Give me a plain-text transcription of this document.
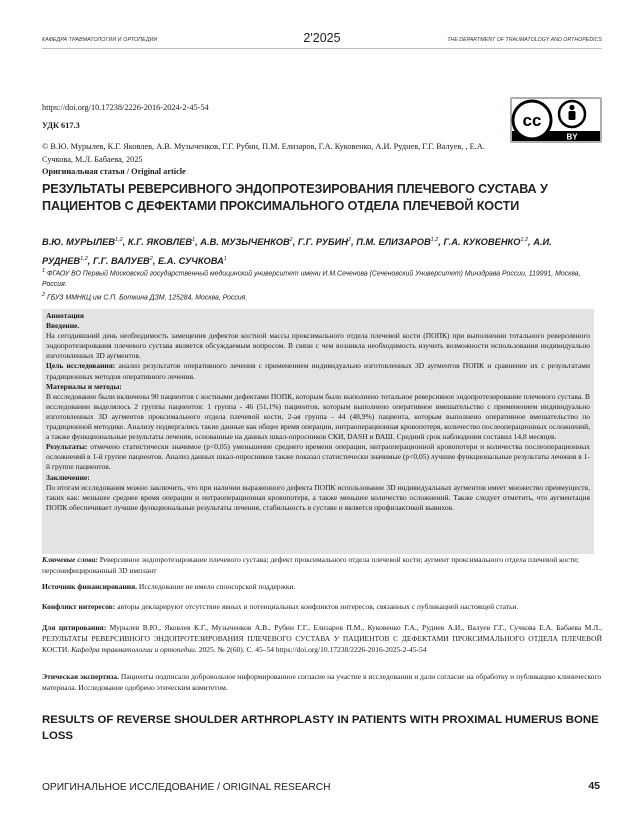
КАФЕДРА ТРАВМАТОЛОГИИ И ОРТОПЕДИИ	2'2025	THE DEPARTMENT OF TRAUMATOLOGY AND ORTHOPEDICS
https://doi.org/10.17238/2226-2016-2024-2-45-54
УДК 617.3	cc
BY
© В.Ю. Мурылев, К.Г. Яковлев, А.В. Музыченков, Г.Г. Рубин, П.М. Елизаров, Г.А. Куковенко, А.И. Руднев, Г.Г. Валуев, , Е.А. Сучкова, М.Л. Бабаева, 2025
Оригинальная статья / Original article
РЕЗУЛЬТАТЫ РЕВЕРСИВНОГО ЭНДОПРОТЕЗИРОВАНИЯ ПЛЕЧЕВОГО СУСТАВА У ПАЦИЕНТОВ С ДЕФЕКТАМИ ПРОКСИМАЛЬНОГО ОТДЕЛА ПЛЕЧЕВОЙ КОСТИ
В.Ю. МУРЫЛЕВ$^{1,2}$, К.Г. ЯКОВЛЕВ$^1$, А.В. МУЗЫЧЕНКОВ$^2$, Г.Г. РУБИН$^2$, П.М. ЕЛИЗАРОВ$^{1,2}$, Г.А. КУКОВЕНКО$^{1,2}$, А.И. РУДНЕВ$^{1,2}$, Г.Г. ВАЛУЕВ$^2$, Е.А. СУЧКОВА$^1$
$^1$ ФГАОУ ВО Первый Московский государственный медицинский университет имени И.М.Сеченова (Сеченовский Университет) Минздрава России, 119991, Москва, Россия.
$^2$ ГБУЗ ММНКЦ им С.П. Боткина ДЗМ, 125284, Москва, Россия.
Аннотация
Введение.
На сегодняшний день необходимость замещения дефектов костной массы проксимального отдела плечевой кости (ПОПК) при выполнении тотального реверсивного эндопротезирования плечевого сустава является обсуждаемым вопросом. В связи с чем возникла необходимость изучить возможности использования индивидуально изготовленных 3D аугментов.
Цель исследования: анализ результатов оперативного лечения с применением индивидуально изготовленных 3D аугментов ПОПК и сравнение их с результатами традиционных методов оперативного лечения.
Материалы и методы:
В исследование были включены 90 пациентов с костными дефектами ПОПК, которым было выполнено тотальное реверсивное эндопротезирование плечевого сустава. В исследовании выделялось 2 группы пациентов: 1 группа - 46 (51,1%) пациентов, которым выполнено оперативное вмешательство с применением индивидуально изготовленных 3D аугментов проксимального отдела плечевой кости, 2-ая группа - 44 (48,9%) пациента, которым выполнено оперативное вмешательство по традиционной методике. Анализу подвергались такие данные как общее время операции, интраоперационная кровопотеря, количество послеоперационных осложнений, а также функциональные результаты лечения, основанные на данных шкал-опросников СКИ, DASH и ВАШ. Средний срок наблюдения составил 14,8 месяцев.
Результаты: отмечено статистически значимое (p<0,05) уменьшение среднего времени операции, интраоперационной кровопотери и количества послеоперационных осложнений в 1-й группе пациентов. Анализ данных шкал-опросников также показал статистически значимые (p<0,05) лучшие функциональные результаты лечения в 1-й группе пациентов.
Заключение:
По итогам исследования можно заключить, что при наличии выраженного дефекта ПОПК использование 3D индивидуальных аугментов имеет множество преимуществ, таких как: меньшее среднее время операции и интраоперационная кровопотеря, а также меньшее количество осложнений. Также следует отметить, что аугментация ПОПК обеспечивает лучшие функциональные результаты лечения, стабильность в суставе и является профилактикой вывихов.
Ключевые слова: Реверсивное эндопротезирование плечевого сустава; дефект проксимального отдела плечевой кости; аугмент проксимального отдела плечевой кости; персонифицированный 3D имплант
Источник финансирования. Исследование не имело спонсорской поддержки.
Конфликт интересов: авторы декларируют отсутствие явных и потенциальных конфликтов интересов, связанных с публикацией настоящей статьи.
Для цитирования: Мурылев В.Ю., Яковлев К.Г., Музыченков А.В., Рубин Г.Г., Елизаров П.М., Куковенко Г.А., Руднев А.И., Валуев Г.Г., Сучкова Е.А. Бабаева М.Л., РЕЗУЛЬТАТЫ РЕВЕРСИВНОГО ЭНДОПРОТЕЗИРОВАНИЯ ПЛЕЧЕВОГО СУСТАВА У ПАЦИЕНТОВ С ДЕФЕКТАМИ ПРОКСИМАЛЬНОГО ОТДЕЛА ПЛЕЧЕВОЙ КОСТИ. Кафедра травматологии и ортопедии. 2025. № 2(60). С. 45–54 https://doi.org/10.17238/2226-2016-2025-2-45-54
Этическая экспертиза. Пациенты подписали добровольное информированное согласие на участие в исследовании и дали согласие на обработку и публикацию клинического материала. Исследование одобрено этическим комитетом.
RESULTS OF REVERSE SHOULDER ARTHROPLASTY IN PATIENTS WITH PROXIMAL HUMERUS BONE LOSS
ОРИГИНАЛЬНОЕ ИССЛЕДОВАНИЕ / ORIGINAL RESEARCH	45
